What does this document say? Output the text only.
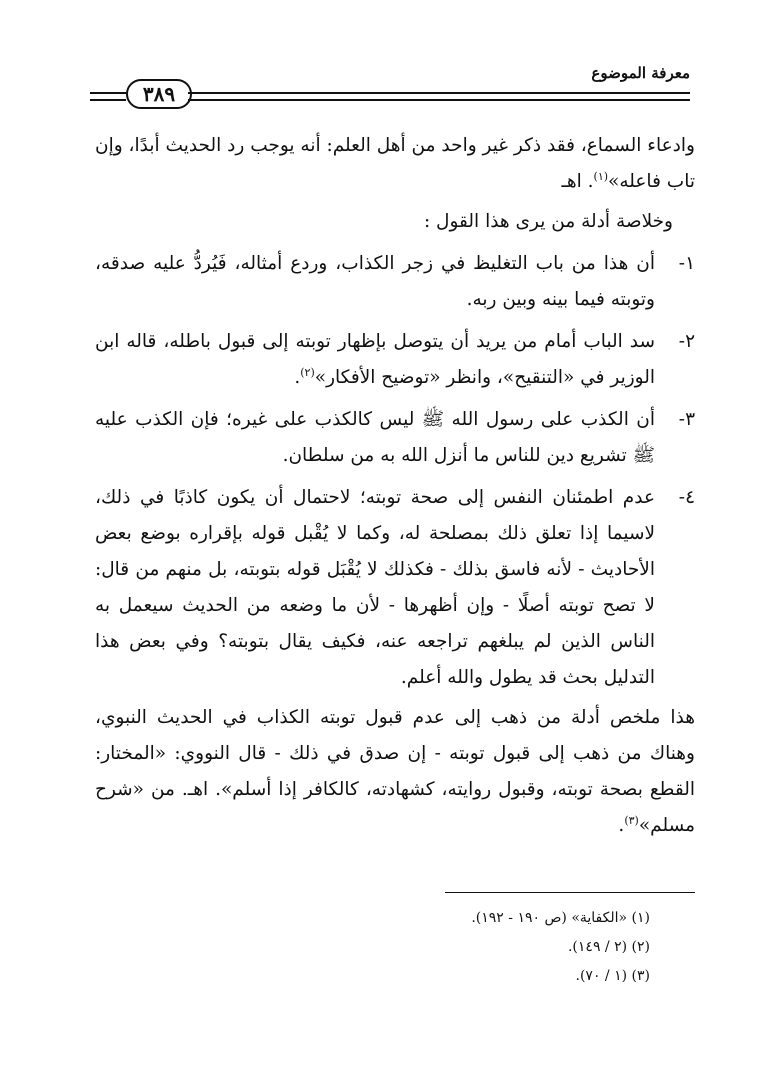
٣٨٩
معرفة الموضوع

وادعاء السماع، فقد ذكر غير واحد من أهل العلم: أنه يوجب رد الحديث أبدًا، وإن تاب فاعله»$^{(١)}$. اهـ

وخلاصة أدلة من يرى هذا القول :

١-
أن هذا من باب التغليظ في زجر الكذاب، وردع أمثاله، فَيُردُّ عليه صدقه، وتوبته فيما بينه وبين ربه.
٢-
سد الباب أمام من يريد أن يتوصل بإظهار توبته إلى قبول باطله، قاله ابن الوزير في «التنقيح»، وانظر «توضيح الأفكار»$^{(٢)}$.
٣-
أن الكذب على رسول الله ﷺ ليس كالكذب على غيره؛ فإن الكذب عليه ﷺ تشريع دين للناس ما أنزل الله به من سلطان.
٤-
عدم اطمئنان النفس إلى صحة توبته؛ لاحتمال أن يكون كاذبًا في ذلك، لاسيما إذا تعلق ذلك بمصلحة له، وكما لا يُقْبل قوله بإقراره بوضع بعض الأحاديث - لأنه فاسق بذلك - فكذلك لا يُقْبَل قوله بتوبته، بل منهم من قال: لا تصح توبته أصلًا - وإن أظهرها - لأن ما وضعه من الحديث سيعمل به الناس الذين لم يبلغهم تراجعه عنه، فكيف يقال بتوبته؟ وفي بعض هذا التدليل بحث قد يطول والله أعلم.

هذا ملخص أدلة من ذهب إلى عدم قبول توبته الكذاب في الحديث النبوي، وهناك من ذهب إلى قبول توبته - إن صدق في ذلك - قال النووي: «المختار: القطع بصحة توبته، وقبول روايته، كشهادته، كالكافر إذا أسلم». اهـ. من «شرح مسلم»$^{(٣)}$.

(١) «الكفاية» (ص ١٩٠ - ١٩٢).

(٢) (٢ / ١٤٩).

(٣) (١ / ٧٠).
